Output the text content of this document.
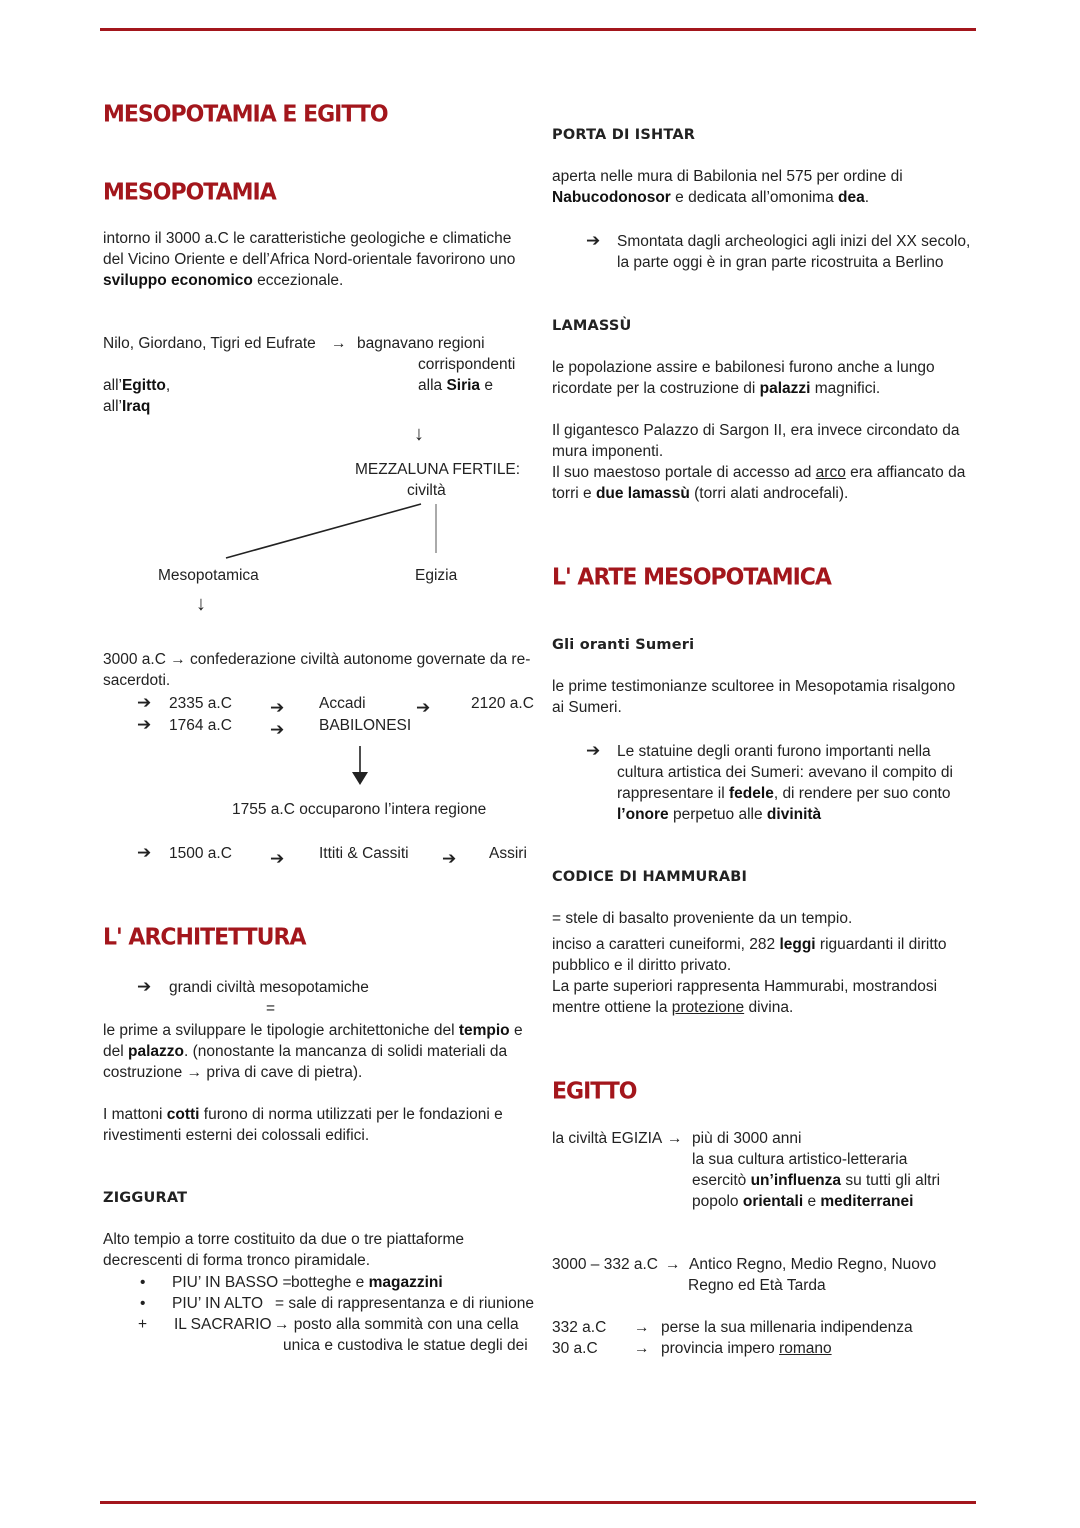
MESOPOTAMIA E EGITTO
MESOPOTAMIA
intorno il 3000 a.C le caratteristiche geologiche e climatiche
del Vicino Oriente e dell’Africa Nord-orientale favorirono uno
sviluppo economico eccezionale.
Nilo, Giordano, Tigri ed Eufrate → bagnavano regioni
corrispondenti
alla Siria e
all’Egitto,
all’Iraq
↓
MEZZALUNA FERTILE:
civiltà
Mesopotamica	Egizia
↓
3000 a.C → confederazione civiltà autonome governate da re-
sacerdoti.
➔ 2335 a.C ➔ Accadi	➔	2120 a.C
➔ 1764 a.C ➔ BABILONESI
1755 a.C occuparono l’intera regione
➔ 1500 a.C ➔ Ittiti & Cassiti ➔ Assiri
L' ARCHITETTURA
➔ grandi civiltà mesopotamiche
=
le prime a sviluppare le tipologie architettoniche del tempio e
del palazzo. (nonostante la mancanza di solidi materiali da
costruzione → priva di cave di pietra).
I mattoni cotti furono di norma utilizzati per le fondazioni e
rivestimenti esterni dei colossali edifici.
ZIGGURAT
Alto tempio a torre costituito da due o tre piattaforme
decrescenti di forma tronco piramidale.
• PIU’ IN BASSO = botteghe e magazzini
• PIU’ IN ALTO = sale di rappresentanza e di riunione
+ IL SACRARIO → posto alla sommità con una cella
unica e custodiva le statue degli dei
PORTA DI ISHTAR
aperta nelle mura di Babilonia nel 575 per ordine di
Nabucodonosor e dedicata all’omonima dea.
➔ Smontata dagli archeologici agli inizi del XX secolo,
la parte oggi è in gran parte ricostruita a Berlino
LAMASSÙ
le popolazione assire e babilonesi furono anche a lungo
ricordate per la costruzione di palazzi magnifici.
Il gigantesco Palazzo di Sargon II, era invece circondato da
mura imponenti.
Il suo maestoso portale di accesso ad arco era affiancato da
torri e due lamassù (torri alati androcefali).
L' ARTE MESOPOTAMICA
Gli oranti Sumeri
le prime testimonianze scultoree in Mesopotamia risalgono
ai Sumeri.
➔ Le statuine degli oranti furono importanti nella
cultura artistica dei Sumeri: avevano il compito di
rappresentare il fedele, di rendere per suo conto
l’onore perpetuo alle divinità
CODICE DI HAMMURABI
= stele di basalto proveniente da un tempio.
inciso a caratteri cuneiformi, 282 leggi riguardanti il diritto
pubblico e il diritto privato.
La parte superiori rappresenta Hammurabi, mostrandosi
mentre ottiene la protezione divina.
EGITTO
la civiltà EGIZIA → più di 3000 anni
la sua cultura artistico-letteraria
esercitò un’influenza su tutti gli altri
popolo orientali e mediterranei
3000 – 332 a.C → Antico Regno, Medio Regno, Nuovo
Regno ed Età Tarda
332 a.C → perse la sua millenaria indipendenza
30 a.C → provincia impero romano
